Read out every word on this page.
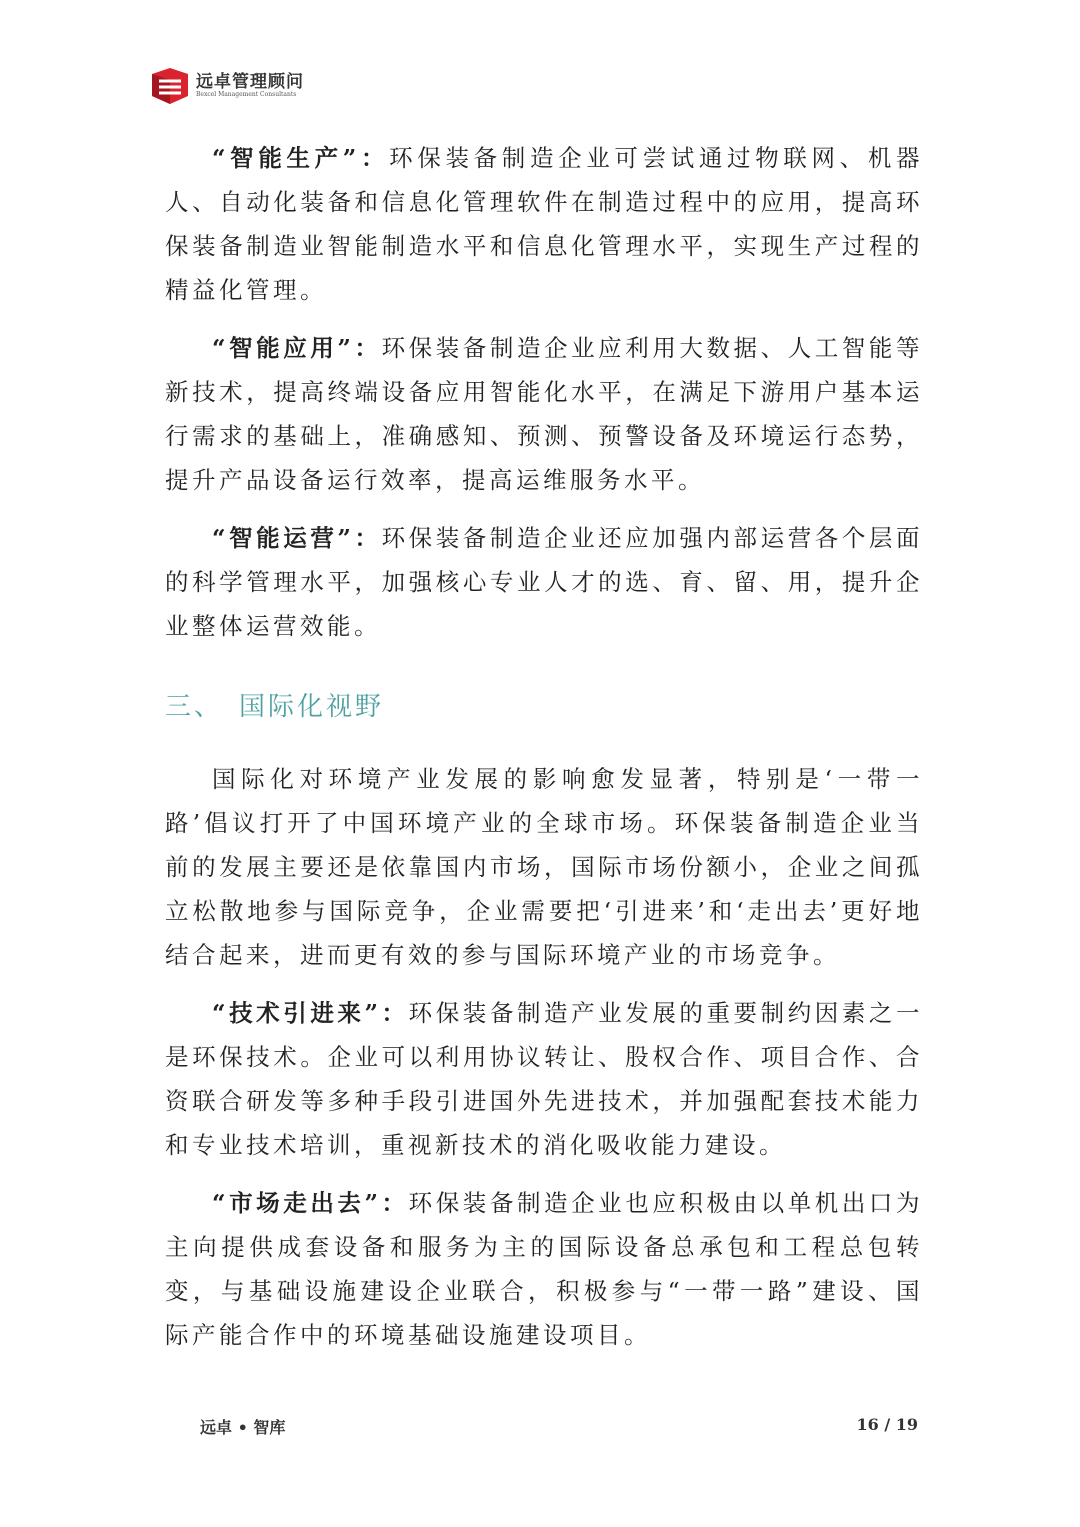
远卓管理顾问
Bexcel Management Consultants

“智能生产”：环保装备制造企业可尝试通过物联网、机器人、自动化装备和信息化管理软件在制造过程中的应用，提高环保装备制造业智能制造水平和信息化管理水平，实现生产过程的精益化管理。

“智能应用”：环保装备制造企业应利用大数据、人工智能等新技术，提高终端设备应用智能化水平，在满足下游用户基本运行需求的基础上，准确感知、预测、预警设备及环境运行态势，提升产品设备运行效率，提高运维服务水平。

“智能运营”：环保装备制造企业还应加强内部运营各个层面的科学管理水平，加强核心专业人才的选、育、留、用，提升企业整体运营效能。

三、 国际化视野

国际化对环境产业发展的影响愈发显著，特别是‘一带一路’倡议打开了中国环境产业的全球市场。环保装备制造企业当前的发展主要还是依靠国内市场，国际市场份额小，企业之间孤立松散地参与国际竞争，企业需要把‘引进来’和‘走出去’更好地结合起来，进而更有效的参与国际环境产业的市场竞争。

“技术引进来”：环保装备制造产业发展的重要制约因素之一是环保技术。企业可以利用协议转让、股权合作、项目合作、合资联合研发等多种手段引进国外先进技术，并加强配套技术能力和专业技术培训，重视新技术的消化吸收能力建设。

“市场走出去”：环保装备制造企业也应积极由以单机出口为主向提供成套设备和服务为主的国际设备总承包和工程总包转变，与基础设施建设企业联合，积极参与“一带一路”建设、国际产能合作中的环境基础设施建设项目。

远卓 • 智库	16 / 19
